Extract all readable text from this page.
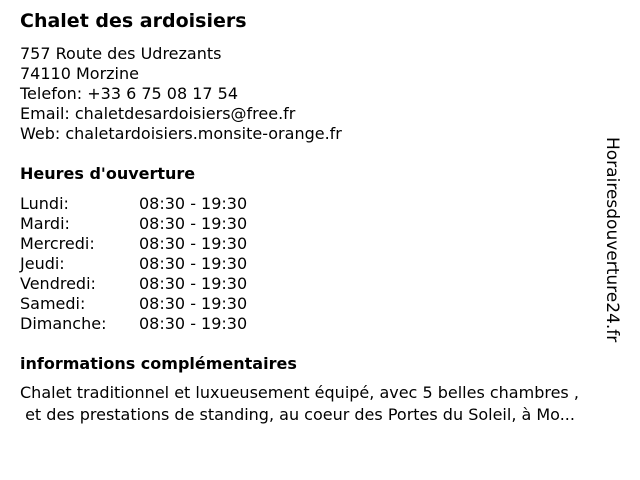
Chalet des ardoisiers
757 Route des Udrezants
74110 Morzine
Telefon: +33 6 75 08 17 54
Email: chaletdesardoisiers@free.fr
Web: chaletardoisiers.monsite-orange.fr
Heures d'ouverture
Lundi:	08:30 - 19:30
Mardi:	08:30 - 19:30
Mercredi:	08:30 - 19:30
Jeudi:	08:30 - 19:30
Vendredi:	08:30 - 19:30
Samedi:	08:30 - 19:30
Dimanche: 08:30 - 19:30
informations complémentaires
Chalet traditionnel et luxueusement équipé, avec 5 belles chambres ,
et des prestations de standing, au coeur des Portes du Soleil, à Mo...
Horairesdouverture24.fr
